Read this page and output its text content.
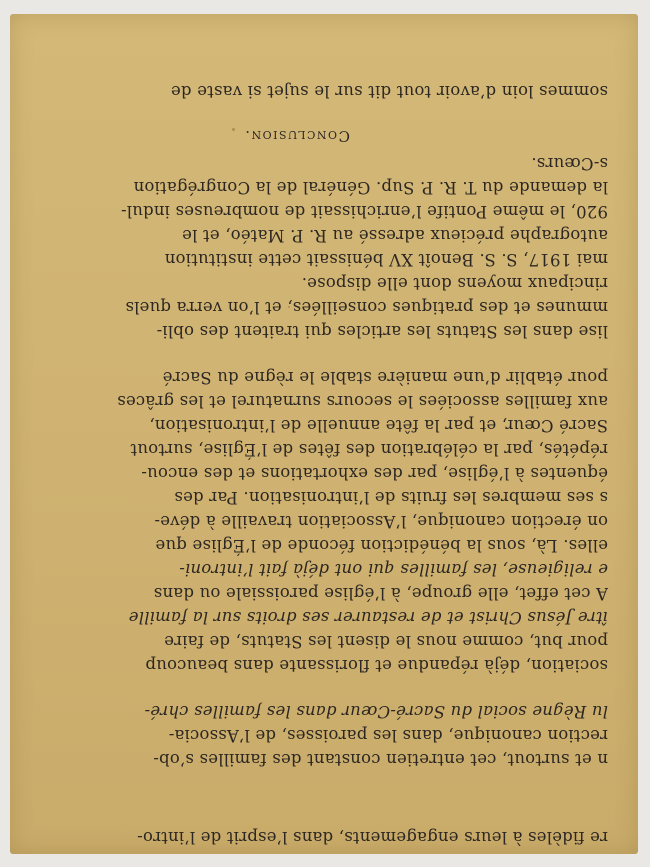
re fidèles à leurs engagements, dans l’esprit de l’intro-
n et surtout, cet entretien constant des familles s’ob-
rection canonique, dans les paroisses, de l’Associa-
lu Règne social du Sacré-Cœur dans les familles chré-
sociation, déjà répandue et florissante dans beaucoup
pour but, comme nous le disent les Statuts, de faire
ître Jésus Christ et de restaurer ses droits sur la famille
A cet effet, elle groupe, à l’église paroissiale ou dans
e religieuse, les familles qui ont déjà fait l’introni-
elles. Là, sous la bénédiction féconde de l’Église que
on érection canonique, l’Association travaille à déve-
s ses membres les fruits de l’intronisation. Par des
équentes à l’église, par des exhortations et des encou-
répétés, par la célébration des fêtes de l’Église, surtout
Sacré Cœur, et par la fête annuelle de l’intronisation,
aux familles associées le secours surnaturel et les grâces
pour établir d’une manière stable le règne du Sacré
lise dans les Statuts les articles qui traitent des obli-
mmunes et des pratiques conseillées, et l’on verra quels
rincipaux moyens dont elle dispose.
mai 1917, S. S. Benoît XV bénissait cette institution
autographe précieux adressé au R. P. Matéo, et le
920, le même Pontife l’enrichissait de nombreuses indul-
la demande du T. R. P. Sup. Général de la Congrégation
s-Cœurs.
Conclusion.
sommes loin d’avoir tout dit sur le sujet si vaste de
